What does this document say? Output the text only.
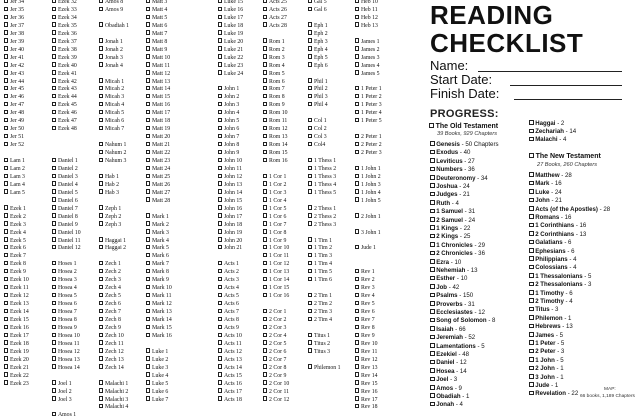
Jer 34
Jer 35
Jer 36
Jer 37
Jer 38
Jer 39
Jer 40
Jer 41
Jer 42
Jer 43
Jer 44
Jer 45
Jer 46
Jer 47
Jer 48
Jer 49
Jer 50
Jer 51
Jer 52
Lam 1
Lam 2
Lam 3
Lam 4
Lam 5
Ezek 1
Ezek 2
Ezek 3
Ezek 4
Ezek 5
Ezek 6
Ezek 7
Ezek 8
Ezek 9
Ezek 10
Ezek 11
Ezek 12
Ezek 13
Ezek 14
Ezek 15
Ezek 16
Ezek 17
Ezek 18
Ezek 19
Ezek 20
Ezek 21
Ezek 22
Ezek 23
Ezek 32
Ezek 33
Ezek 34
Ezek 35
Ezek 36
Ezek 37
Ezek 38
Ezek 39
Ezek 40
Ezek 41
Ezek 42
Ezek 43
Ezek 44
Ezek 45
Ezek 46
Ezek 47
Ezek 48
Daniel 1
Daniel 2
Daniel 3
Daniel 4
Daniel 5
Daniel 6
Daniel 7
Daniel 8
Daniel 9
Daniel 10
Daniel 11
Daniel 12
Hoses 1
Hosea 2
Hosea 3
Hosea 4
Hosea 5
Hosea 6
Hosea 7
Hosea 8
Hosea 9
Hosea 10
Hosea 11
Hosea 12
Hosea 13
Hosea 14
Joel 1
Joel 2
Joel 3
Amos 1
Amos 8
Amos 9
Obadiah 1
Jonah 1
Jonah 2
Jonah 3
Jonah 4
Micah 1
Micah 2
Micah 3
Micah 4
Micah 5
Micah 6
Micah 7
Nahum 1
Nahum 2
Nahum 3
Hab 1
Hab 2
Hab 3
Zeph 1
Zeph 2
Zeph 3
Haggai 1
Haggai 2
Zech 1
Zech 2
Zech 3
Zech 4
Zech 5
Zech 6
Zech 7
Zech 8
Zech 9
Zech 10
Zech 11
Zech 12
Zech 13
Zech 14
Malachi 1
Malachi 2
Malachi 3
Malachi 4
Matt 3
Matt 4
Matt 5
Matt 6
Matt 7
Matt 8
Matt 9
Matt 10
Matt 11
Matt 12
Matt 13
Matt 14
Matt 15
Matt 16
Matt 17
Matt 18
Matt 19
Matt 20
Matt 21
Matt 22
Matt 23
Matt 24
Matt 25
Matt 26
Matt 27
Matt 28
Mark 1
Mark 2
Mark 3
Mark 4
Mark 5
Mark 6
Mark 7
Mark 8
Mark 9
Mark 10
Mark 11
Mark 12
Mark 13
Mark 14
Mark 15
Mark 16
Luke 1
Luke 2
Luke 3
Luke 4
Luke 5
Luke 6
Luke 7
Luke 15
Luke 16
Luke 17
Luke 18
Luke 19
Luke 20
Luke 21
Luke 22
Luke 23
Luke 24
John 1
John 2
John 3
John 4
John 5
John 6
John 7
John 8
John 9
John 10
John 11
John 12
John 13
John 14
John 15
John 16
John 17
John 18
John 19
John 20
John 21
Acts 1
Acts 2
Acts 3
Acts 4
Acts 5
Acts 6
Acts 7
Acts 8
Acts 9
Acts 10
Acts 11
Acts 12
Acts 13
Acts 14
Acts 15
Acts 16
Acts 17
Acts 18
Acts 25
Acts 26
Acts 27
Acts 28
Rom 1
Rom 2
Rom 3
Rom 4
Rom 5
Rom 6
Rom 7
Rom 8
Rom 9
Rom 10
Rom 11
Rom 12
Rom 13
Rom 14
Rom 15
Rom 16
1 Cor 1
1 Cor 2
1 Cor 3
1 Cor 4
1 Cor 5
1 Cor 6
1 Cor 7
1 Cor 8
1 Cor 9
1 Cor 10
1 Cor 11
1 Cor 12
1 Cor 13
1 Cor 14
1 Cor 15
1 Cor 16
2 Cor 1
2 Cor 2
2 Cor 3
2 Cor 4
2 Cor 5
2 Cor 6
2 Cor 7
2 Cor 8
2 Cor 9
2 Cor 10
2 Cor 11
2 Cor 12
Gal 5
Gal 6
Eph 1
Eph 2
Eph 3
Eph 4
Eph 5
Eph 6
Phil 1
Phil 2
Phil 3
Phil 4
Col 1
Col 2
Col 3
Col4
1 Thess 1
1 Thess 2
1 Thess 3
1 Thess 4
1 Thess 5
2 Thess 1
2 Thess 2
2 Thess 3
1 Tim 1
1 Tim 2
1 Tim 3
1 Tim 4
1 Tim 5
1 Tim 6
2 Tim 1
2 Tim 2
2 Tim 3
2 Tim 4
Titus 1
Titus 2
Titus 3
Philemon 1
Heb 10
Heb 11
Heb 12
Heb 13
James 1
James 2
James 3
James 4
James 5
1 Peter 1
1 Peter 2
1 Peter 3
1 Peter 4
1 Peter 5
2 Peter 1
2 Peter 2
2 Peter 3
1 John 1
1 John 2
1 John 3
1 John 4
1 John 5
2 John 1
3 John 1
Jude 1
Rev 1
Rev 2
Rev 3
Rev 4
Rev 5
Rev 6
Rev 7
Rev 8
Rev 9
Rev 10
Rev 11
Rev 12
Rev 13
Rev 14
Rev 15
Rev 16
Rev 17
Rev 18
READING
CHECKLIST
Name:
Start Date:
Finish Date:
PROGRESS:
The Old Testament
39 Books, 929 Chapters
Genesis - 50 Chapters
Exodus - 40
Leviticus - 27
Numbers - 36
Deuteronomy - 34
Joshua - 24
Judges - 21
Ruth - 4
1 Samuel - 31
2 Samuel - 24
1 Kings - 22
2 Kings - 25
1 Chronicles - 29
2 Chronicles - 36
Ezra - 10
Nehemiah - 13
Esther - 10
Job - 42
Psalms - 150
Proverbs - 31
Ecclesiastes - 12
Song of Solomon - 8
Isaiah - 66
Jeremiah - 52
Lamentations - 5
Ezekiel - 48
Daniel - 12
Hosea - 14
Joel - 3
Amos - 9
Obadiah - 1
Jonah - 4
Haggai - 2
Zechariah - 14
Malachi - 4
The New Testament
27 Books, 260 Chapters
Matthew - 28
Mark - 16
Luke - 24
John - 21
Acts (of the Apostles) - 28
Romans - 16
1 Corinthians - 16
2 Corinthians - 13
Galatians - 6
Ephesians - 6
Philippians - 4
Colossians - 4
1 Thessalonians - 5
2 Thessalonians - 3
1 Timothy - 6
2 Timothy - 4
Titus - 3
Philemon - 1
Hebrews - 13
James - 5
1 Peter - 5
2 Peter - 3
1 John - 5
2 John - 1
3 John - 1
Jude - 1
Revelation - 22
MAP:
66 books, 1,189 Chapters
